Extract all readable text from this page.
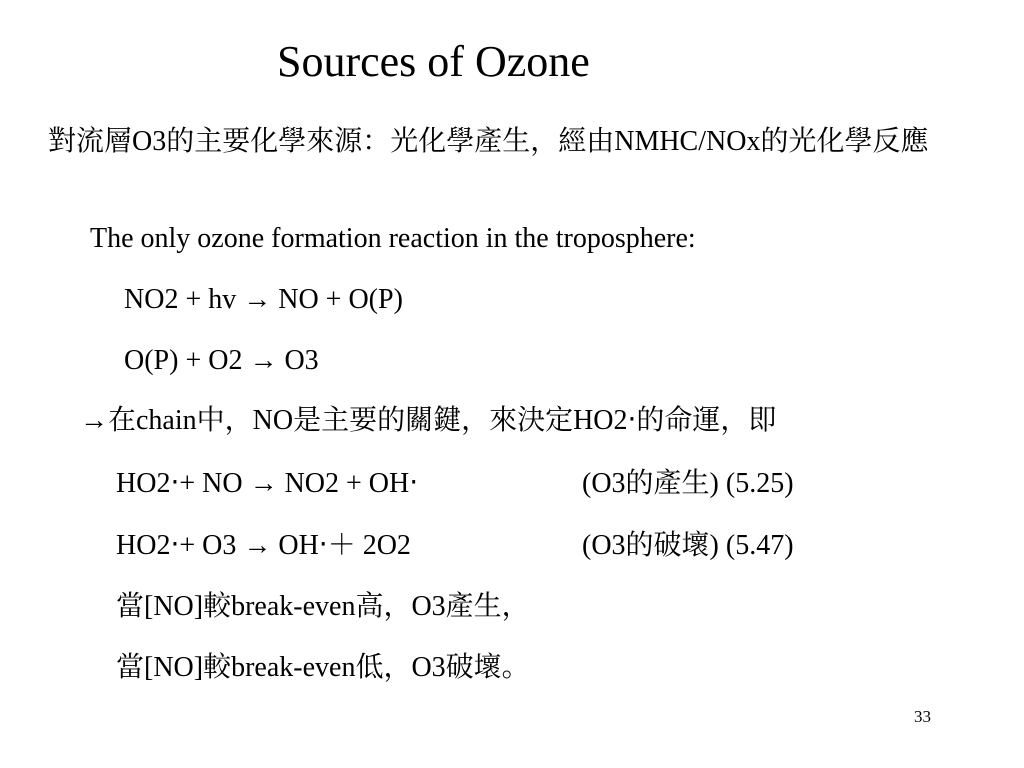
Sources of Ozone
對流層O3的主要化學來源：光化學產生，經由NMHC/NOx的光化學反應
The only ozone formation reaction in the troposphere:
NO2 + hv → NO + O(P)
O(P) + O2 → O3
→在chain中，NO是主要的關鍵，來決定HO2‧的命運，即
HO2‧+ NO → NO2 + OH‧	(O3的產生) (5.25)
HO2‧+ O3 → OH‧＋ 2O2	(O3的破壞) (5.47)
當[NO]較break-even高，O3產生，
當[NO]較break-even低，O3破壞。
33
